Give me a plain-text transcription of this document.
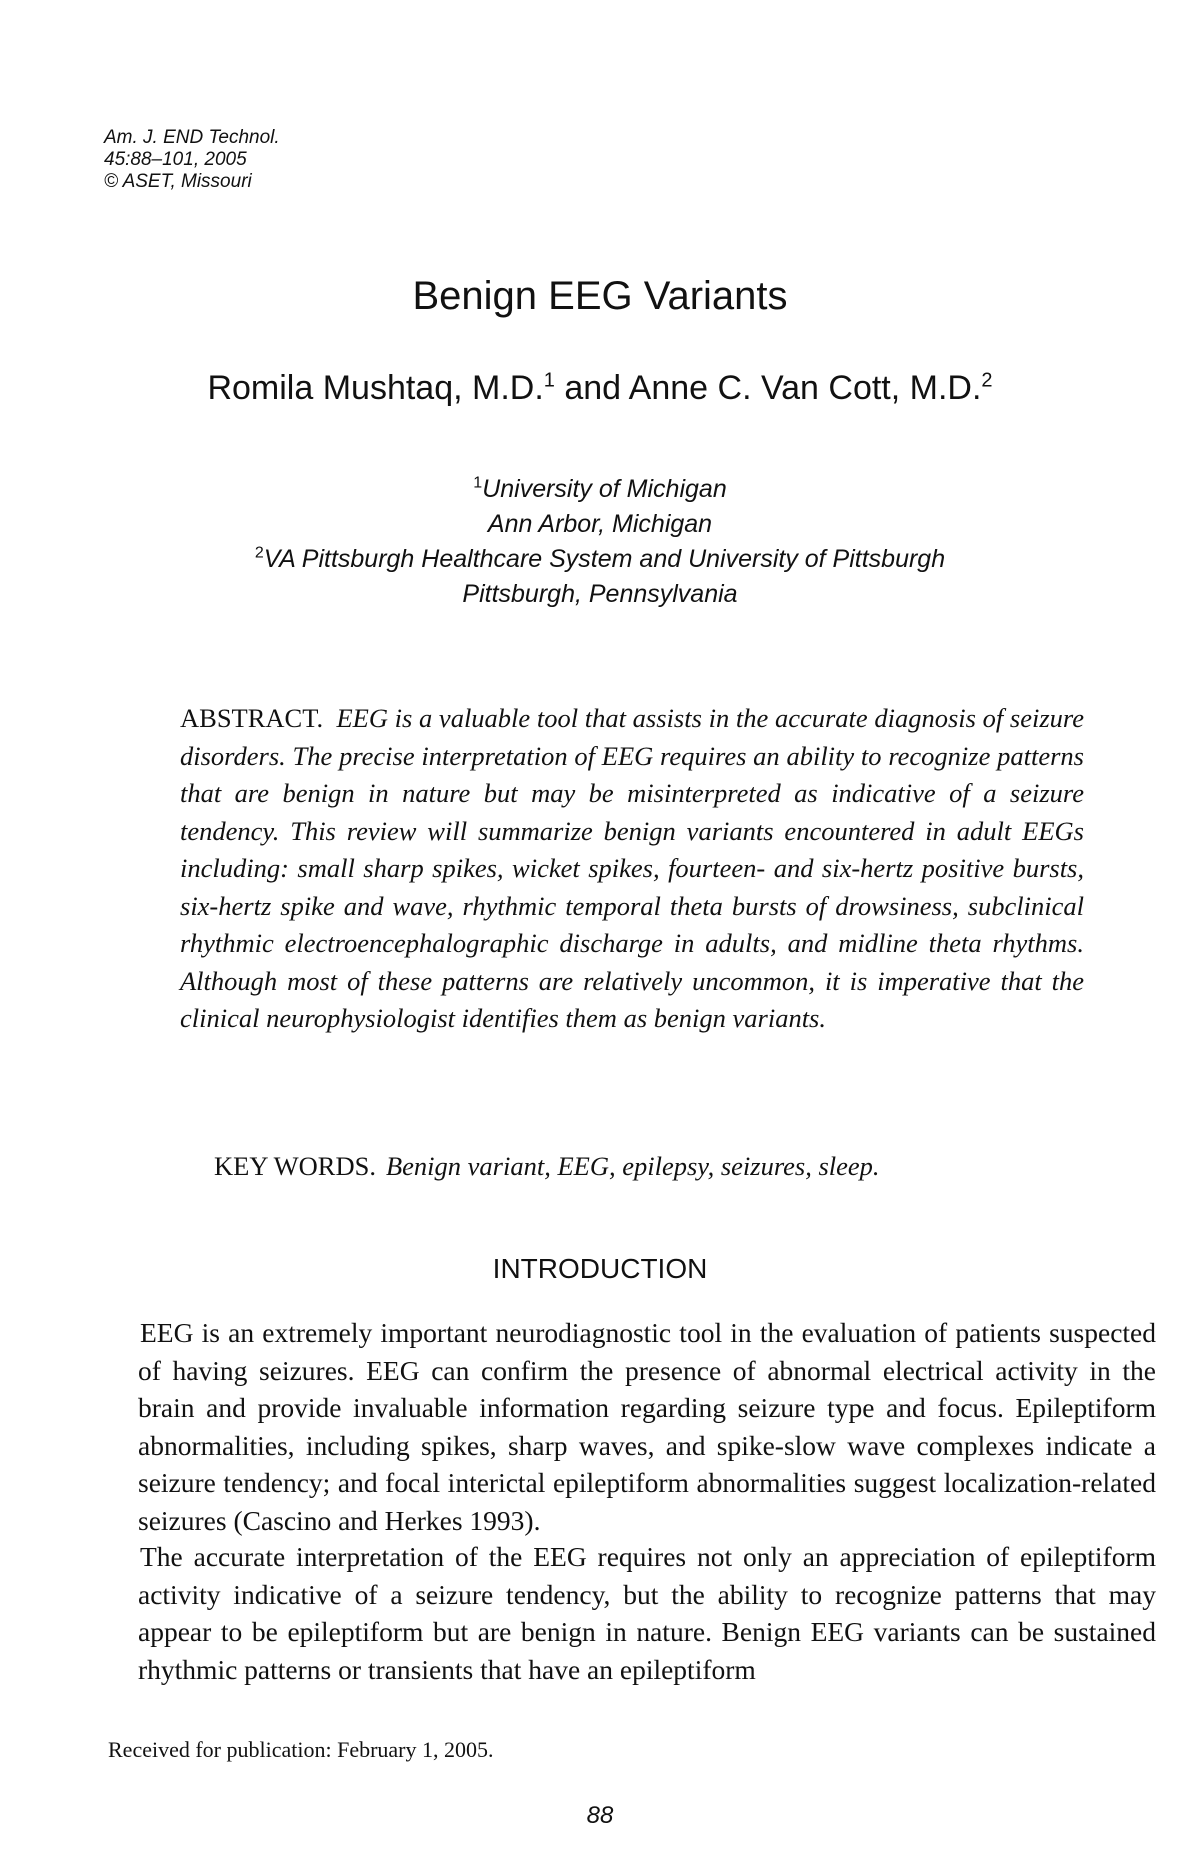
Am. J. END Technol.
45:88–101, 2005
© ASET, Missouri
Benign EEG Variants
Romila Mushtaq, M.D.$^1$ and Anne C. Van Cott, M.D.$^2$
$^1$University of Michigan
Ann Arbor, Michigan
$^2$VA Pittsburgh Healthcare System and University of Pittsburgh
Pittsburgh, Pennsylvania
ABSTRACT. EEG is a valuable tool that assists in the accurate diagnosis of seizure disorders. The precise interpretation of EEG requires an ability to recognize patterns that are benign in nature but may be misinterpreted as indicative of a seizure tendency. This review will summarize benign variants encountered in adult EEGs including: small sharp spikes, wicket spikes, fourteen- and six-hertz positive bursts, six-hertz spike and wave, rhythmic temporal theta bursts of drowsiness, subclinical rhythmic electroencephalographic discharge in adults, and midline theta rhythms. Although most of these patterns are relatively uncommon, it is imperative that the clinical neurophysiologist identifies them as benign variants.
KEY WORDS. Benign variant, EEG, epilepsy, seizures, sleep.
INTRODUCTION
EEG is an extremely important neurodiagnostic tool in the evaluation of patients suspected of having seizures. EEG can confirm the presence of abnormal electrical activity in the brain and provide invaluable information regarding seizure type and focus. Epileptiform abnormalities, including spikes, sharp waves, and spike-slow wave complexes indicate a seizure tendency; and focal interictal epileptiform abnormalities suggest localization-related seizures (Cascino and Herkes 1993).
The accurate interpretation of the EEG requires not only an appreciation of epileptiform activity indicative of a seizure tendency, but the ability to recognize patterns that may appear to be epileptiform but are benign in nature. Benign EEG variants can be sustained rhythmic patterns or transients that have an epileptiform
Received for publication: February 1, 2005.
88
